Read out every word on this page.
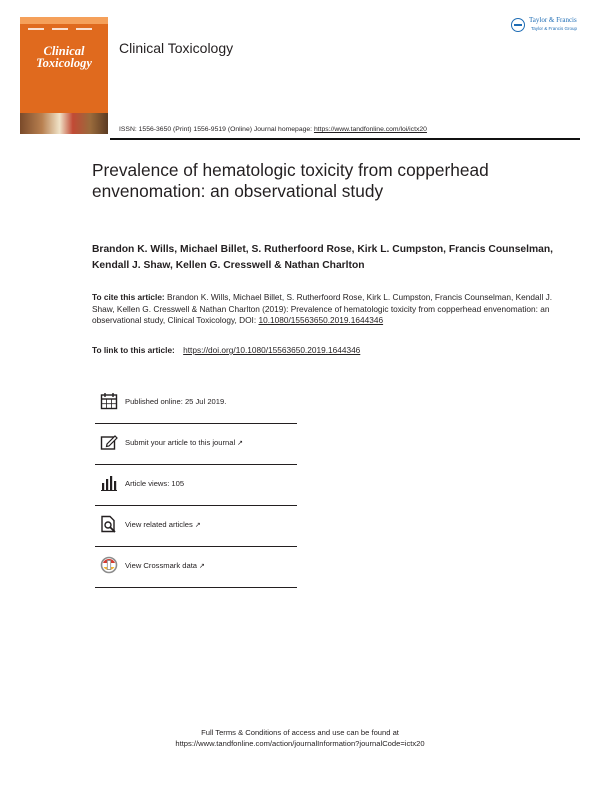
Clinical
Toxicology
Clinical Toxicology
Taylor & Francis
Taylor & Francis Group
ISSN: 1556-3650 (Print) 1556-9519 (Online) Journal homepage: https://www.tandfonline.com/loi/ictx20
Prevalence of hematologic toxicity from copperhead envenomation: an observational study
Brandon K. Wills, Michael Billet, S. Rutherfoord Rose, Kirk L. Cumpston, Francis Counselman, Kendall J. Shaw, Kellen G. Cresswell & Nathan Charlton
To cite this article: Brandon K. Wills, Michael Billet, S. Rutherfoord Rose, Kirk L. Cumpston, Francis Counselman, Kendall J. Shaw, Kellen G. Cresswell & Nathan Charlton (2019): Prevalence of hematologic toxicity from copperhead envenomation: an observational study, Clinical Toxicology, DOI: 10.1080/15563650.2019.1644346
To link to this article: https://doi.org/10.1080/15563650.2019.1644346
Published online: 25 Jul 2019.
Submit your article to this journal ↗
Article views: 105
View related articles ↗
View Crossmark data ↗
Full Terms & Conditions of access and use can be found at
https://www.tandfonline.com/action/journalInformation?journalCode=ictx20
